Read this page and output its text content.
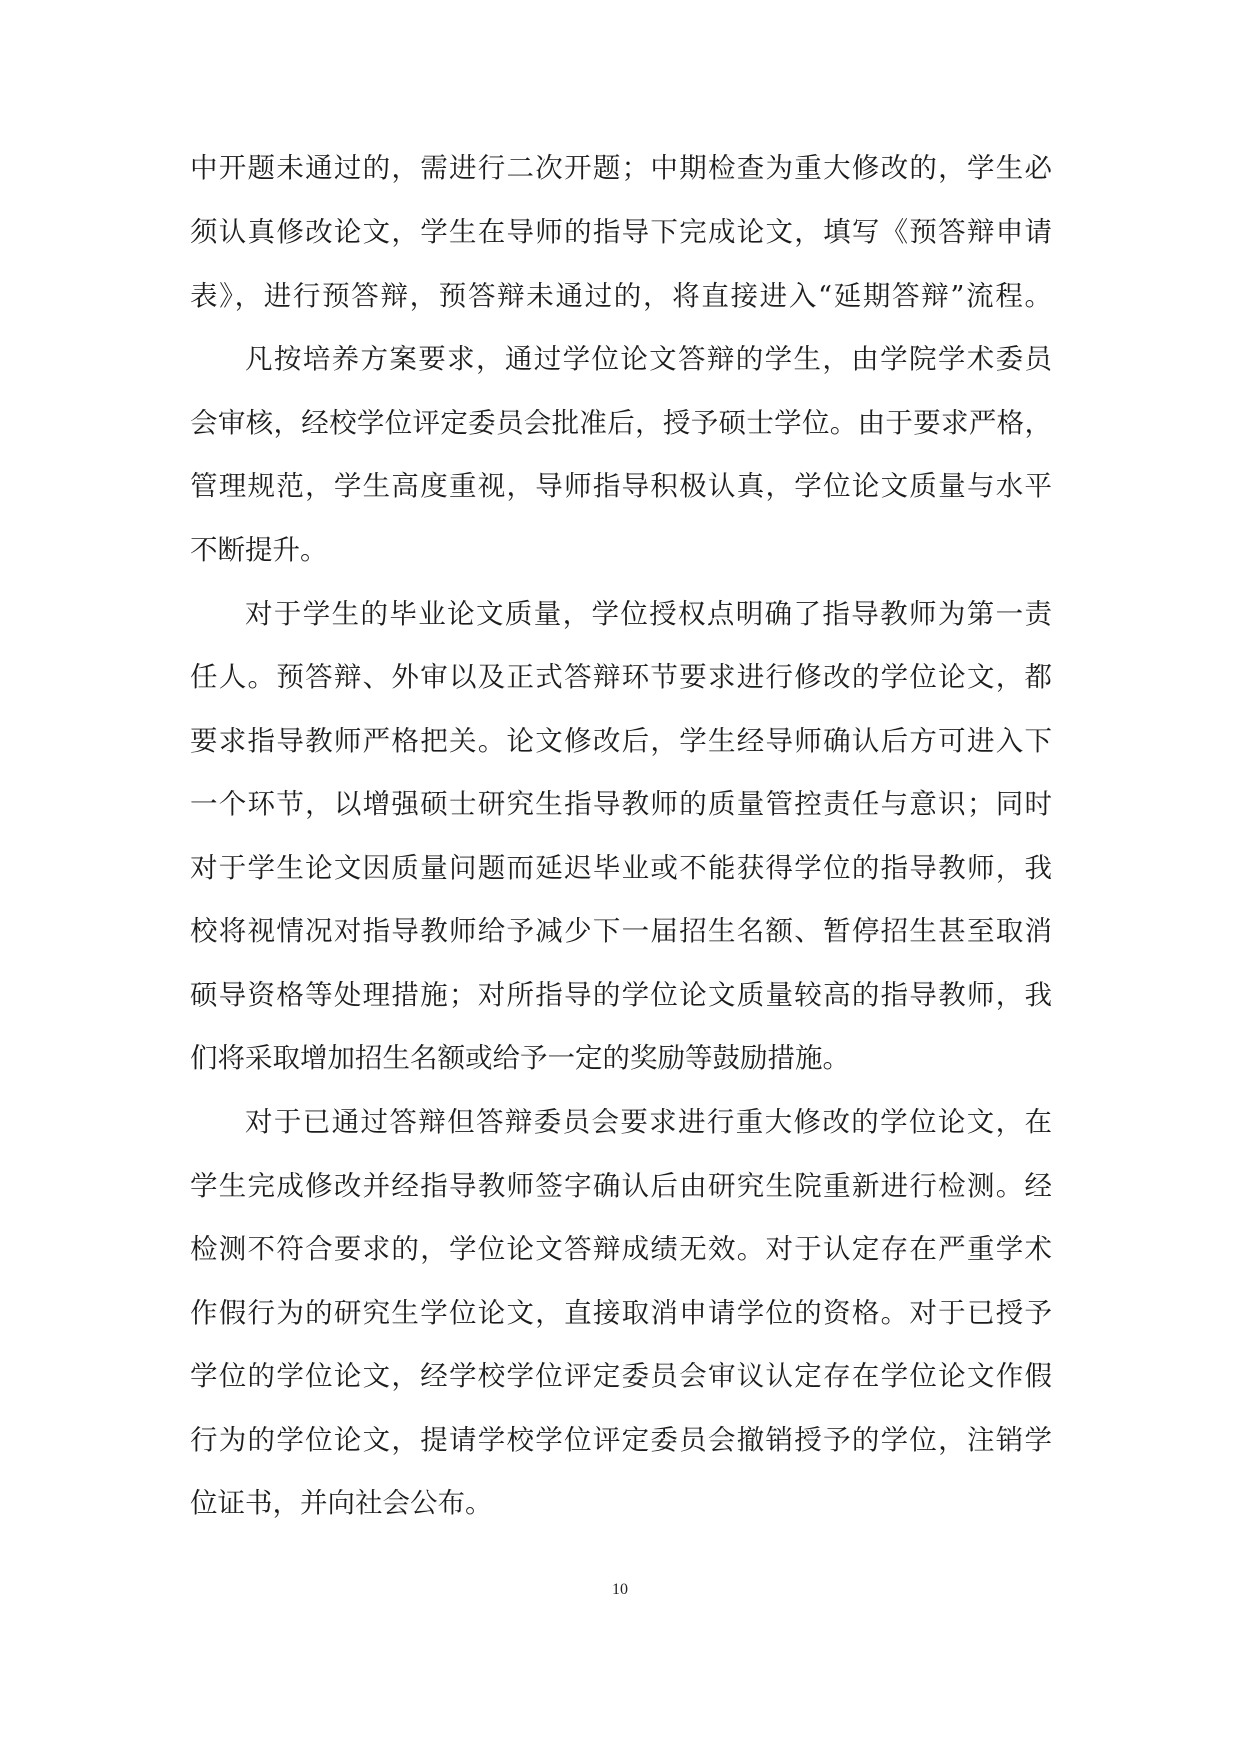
中开题未通过的，需进行二次开题；中期检查为重大修改的，学生必
须认真修改论文，学生在导师的指导下完成论文，填写《预答辩申请
表》，进行预答辩，预答辩未通过的，将直接进入“延期答辩”流程。
凡按培养方案要求，通过学位论文答辩的学生，由学院学术委员
会审核，经校学位评定委员会批准后，授予硕士学位。由于要求严格，
管理规范，学生高度重视，导师指导积极认真，学位论文质量与水平
不断提升。
对于学生的毕业论文质量，学位授权点明确了指导教师为第一责
任人。预答辩、外审以及正式答辩环节要求进行修改的学位论文，都
要求指导教师严格把关。论文修改后，学生经导师确认后方可进入下
一个环节，以增强硕士研究生指导教师的质量管控责任与意识；同时
对于学生论文因质量问题而延迟毕业或不能获得学位的指导教师，我
校将视情况对指导教师给予减少下一届招生名额、暂停招生甚至取消
硕导资格等处理措施；对所指导的学位论文质量较高的指导教师，我
们将采取增加招生名额或给予一定的奖励等鼓励措施。
对于已通过答辩但答辩委员会要求进行重大修改的学位论文，在
学生完成修改并经指导教师签字确认后由研究生院重新进行检测。经
检测不符合要求的，学位论文答辩成绩无效。对于认定存在严重学术
作假行为的研究生学位论文，直接取消申请学位的资格。对于已授予
学位的学位论文，经学校学位评定委员会审议认定存在学位论文作假
行为的学位论文，提请学校学位评定委员会撤销授予的学位，注销学
位证书，并向社会公布。
10
